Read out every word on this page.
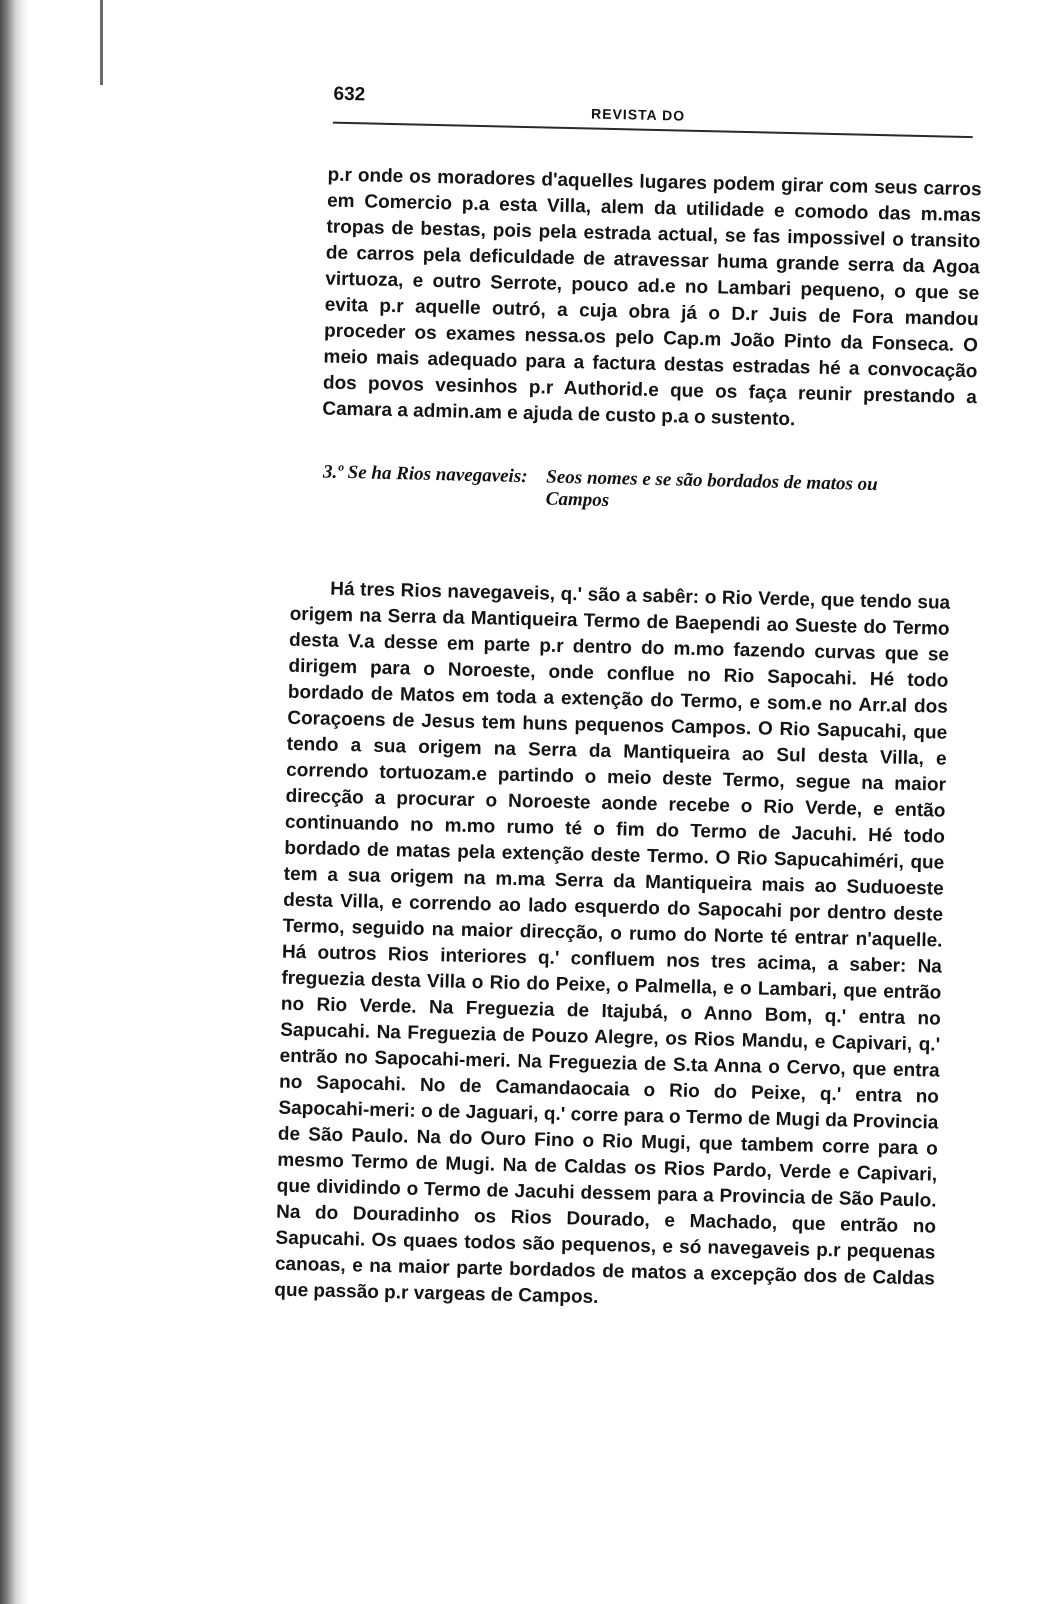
632
REVISTA DO

p.r onde os moradores d'aquelles lugares podem girar com seus carros em Comercio p.a esta Villa, alem da utilidade e comodo das m.mas tropas de bestas, pois pela estrada actual, se fas impossivel o transito de carros pela deficuldade de atravessar huma grande serra da Agoa virtuoza, e outro Serrote, pouco ad.e no Lambari pequeno, o que se evita p.r aquelle outró, a cuja obra já o D.r Juis de Fora mandou proceder os exames nessa.os pelo Cap.m João Pinto da Fonseca. O meio mais adequado para a factura destas estradas hé a convocação dos povos vesinhos p.r Authorid.e que os faça reunir prestando a Camara a admin.am e ajuda de custo p.a o sustento.

3.º Se ha Rios navegaveis: Seos nomes e se são bordados de matos ou Campos

Há tres Rios navegaveis, q.' são a sabêr: o Rio Verde, que tendo sua origem na Serra da Mantiqueira Termo de Baependi ao Sueste do Termo desta V.a desse em parte p.r dentro do m.mo fazendo curvas que se dirigem para o Noroeste, onde conflue no Rio Sapocahi. Hé todo bordado de Matos em toda a extenção do Termo, e som.e no Arr.al dos Coraçoens de Jesus tem huns pequenos Campos. O Rio Sapucahi, que tendo a sua origem na Serra da Mantiqueira ao Sul desta Villa, e correndo tortuozam.e partindo o meio deste Termo, segue na maior direcção a procurar o Noroeste aonde recebe o Rio Verde, e então continuando no m.mo rumo té o fim do Termo de Jacuhi. Hé todo bordado de matas pela extenção deste Termo. O Rio Sapucahiméri, que tem a sua origem na m.ma Serra da Mantiqueira mais ao Suduoeste desta Villa, e correndo ao lado esquerdo do Sapocahi por dentro deste Termo, seguido na maior direcção, o rumo do Norte té entrar n'aquelle. Há outros Rios interiores q.' confluem nos tres acima, a saber: Na freguezia desta Villa o Rio do Peixe, o Palmella, e o Lambari, que entrão no Rio Verde. Na Freguezia de Itajubá, o Anno Bom, q.' entra no Sapucahi. Na Freguezia de Pouzo Alegre, os Rios Mandu, e Capivari, q.' entrão no Sapocahi-meri. Na Freguezia de S.ta Anna o Cervo, que entra no Sapocahi. No de Camandaocaia o Rio do Peixe, q.' entra no Sapocahi-meri: o de Jaguari, q.' corre para o Termo de Mugi da Provincia de São Paulo. Na do Ouro Fino o Rio Mugi, que tambem corre para o mesmo Termo de Mugi. Na de Caldas os Rios Pardo, Verde e Capivari, que dividindo o Termo de Jacuhi dessem para a Provincia de São Paulo. Na do Douradinho os Rios Dourado, e Machado, que entrão no Sapucahi. Os quaes todos são pequenos, e só navegaveis p.r pequenas canoas, e na maior parte bordados de matos a excepção dos de Caldas que passão p.r vargeas de Campos.
